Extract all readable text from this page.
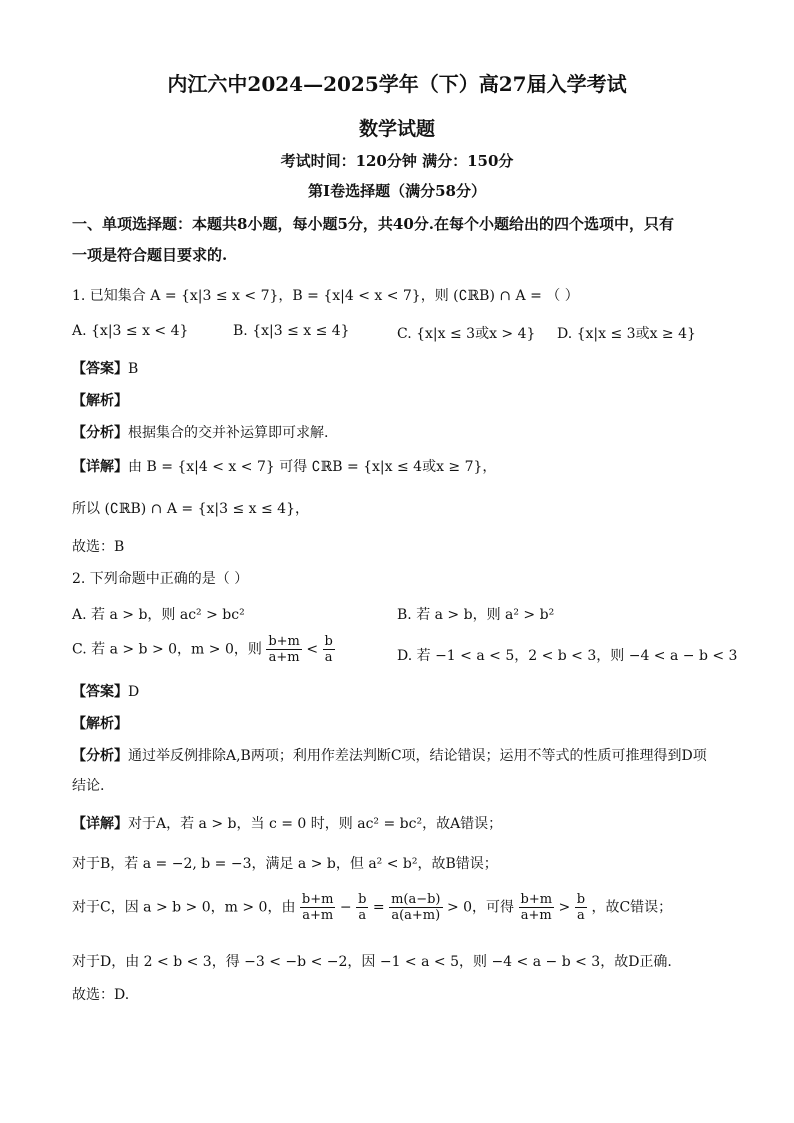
内江六中2024—2025学年（下）高27届入学考试
数学试题
考试时间：120分钟 满分：150分
第Ⅰ卷选择题（满分58分）
一、单项选择题：本题共8小题，每小题5分，共40分.在每个小题给出的四个选项中，只有
一项是符合题目要求的.
1. 已知集合 A = {x|3 ≤ x < 7}，B = {x|4 < x < 7}，则 (∁ℝB) ∩ A = （ ）
A. {x|3 ≤ x < 4}	B. {x|3 ≤ x ≤ 4}	C. {x|x ≤ 3或x > 4} D. {x|x ≤ 3或x ≥ 4}
【答案】B
【解析】
【分析】根据集合的交并补运算即可求解.
【详解】由 B = {x|4 < x < 7} 可得 ∁ℝB = {x|x ≤ 4或x ≥ 7}，
所以 (∁ℝB) ∩ A = {x|3 ≤ x ≤ 4}，
故选：B
2. 下列命题中正确的是（ ）
A. 若 a > b，则 ac² > bc²	B. 若 a > b，则 a² > b²
C. 若 a > b > 0，m > 0，则 $\frac{b+m}{a+m} < \frac{b}{a}$	D. 若 −1 < a < 5，2 < b < 3，则 −4 < a − b < 3
【答案】D
【解析】
【分析】通过举反例排除A,B两项；利用作差法判断C项，结论错误；运用不等式的性质可推理得到D项
结论.
【详解】对于A，若 a > b，当 c = 0 时，则 ac² = bc²，故A错误；
对于B，若 a = −2, b = −3，满足 a > b，但 a² < b²，故B错误；
对于C，因 a > b > 0，m > 0，由 $\frac{b+m}{a+m} - \frac{b}{a} = \frac{m(a-b)}{a(a+m)} > 0$，可得 $\frac{b+m}{a+m} > \frac{b}{a}$ ，故C错误；
对于D，由 2 < b < 3，得 −3 < −b < −2，因 −1 < a < 5，则 −4 < a − b < 3，故D正确.
故选：D.
